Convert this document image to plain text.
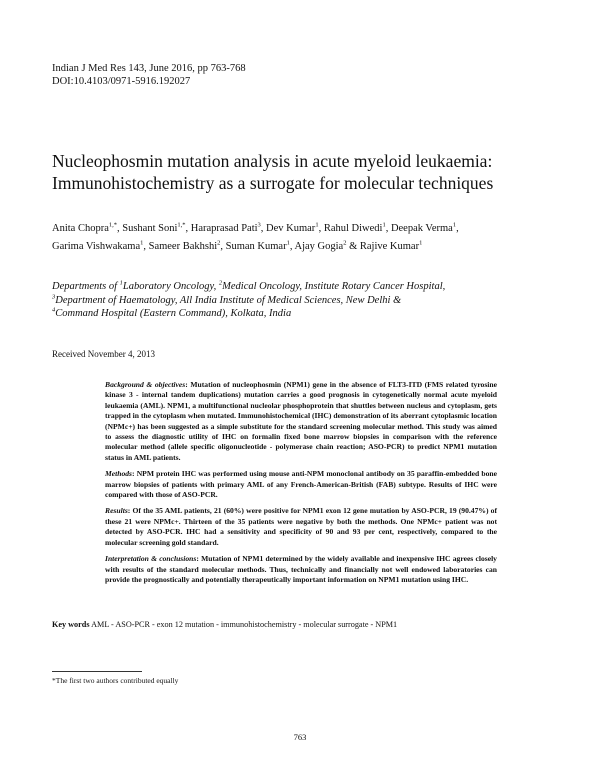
Indian J Med Res 143, June 2016, pp 763-768
DOI:10.4103/0971-5916.192027
Nucleophosmin mutation analysis in acute myeloid leukaemia:
Immunohistochemistry as a surrogate for molecular techniques
Anita Chopra$^{1,*}$, Sushant Soni$^{1,*}$, Haraprasad Pati$^3$, Dev Kumar$^1$, Rahul Diwedi$^1$, Deepak Verma$^1$,
Garima Vishwakama$^1$, Sameer Bakhshi$^2$, Suman Kumar$^1$, Ajay Gogia$^2$ & Rajive Kumar$^1$
Departments of $^1$Laboratory Oncology, $^2$Medical Oncology, Institute Rotary Cancer Hospital,
$^3$Department of Haematology, All India Institute of Medical Sciences, New Delhi &
$^4$Command Hospital (Eastern Command), Kolkata, India
Received November 4, 2013

Background & objectives: Mutation of nucleophosmin (NPM1) gene in the absence of FLT3-ITD (FMS related tyrosine kinase 3 - internal tandem duplications) mutation carries a good prognosis in cytogenetically normal acute myeloid leukaemia (AML). NPM1, a multifunctional nucleolar phosphoprotein that shuttles between nucleus and cytoplasm, gets trapped in the cytoplasm when mutated. Immunohistochemical (IHC) demonstration of its aberrant cytoplasmic location (NPMc+) has been suggested as a simple substitute for the standard screening molecular method. This study was aimed to assess the diagnostic utility of IHC on formalin fixed bone marrow biopsies in comparison with the reference molecular method (allele specific oligonucleotide - polymerase chain reaction; ASO-PCR) to predict NPM1 mutation status in AML patients.

Methods: NPM protein IHC was performed using mouse anti-NPM monoclonal antibody on 35 paraffin-embedded bone marrow biopsies of patients with primary AML of any French-American-British (FAB) subtype. Results of IHC were compared with those of ASO-PCR.

Results: Of the 35 AML patients, 21 (60%) were positive for NPM1 exon 12 gene mutation by ASO-PCR, 19 (90.47%) of these 21 were NPMc+. Thirteen of the 35 patients were negative by both the methods. One NPMc+ patient was not detected by ASO-PCR. IHC had a sensitivity and specificity of 90 and 93 per cent, respectively, compared to the molecular screening gold standard.

Interpretation & conclusions: Mutation of NPM1 determined by the widely available and inexpensive IHC agrees closely with results of the standard molecular methods. Thus, technically and financially not well endowed laboratories can provide the prognostically and potentially therapeutically important information on NPM1 mutation using IHC.

Key words AML - ASO-PCR - exon 12 mutation - immunohistochemistry - molecular surrogate - NPM1
*The first two authors contributed equally
763
